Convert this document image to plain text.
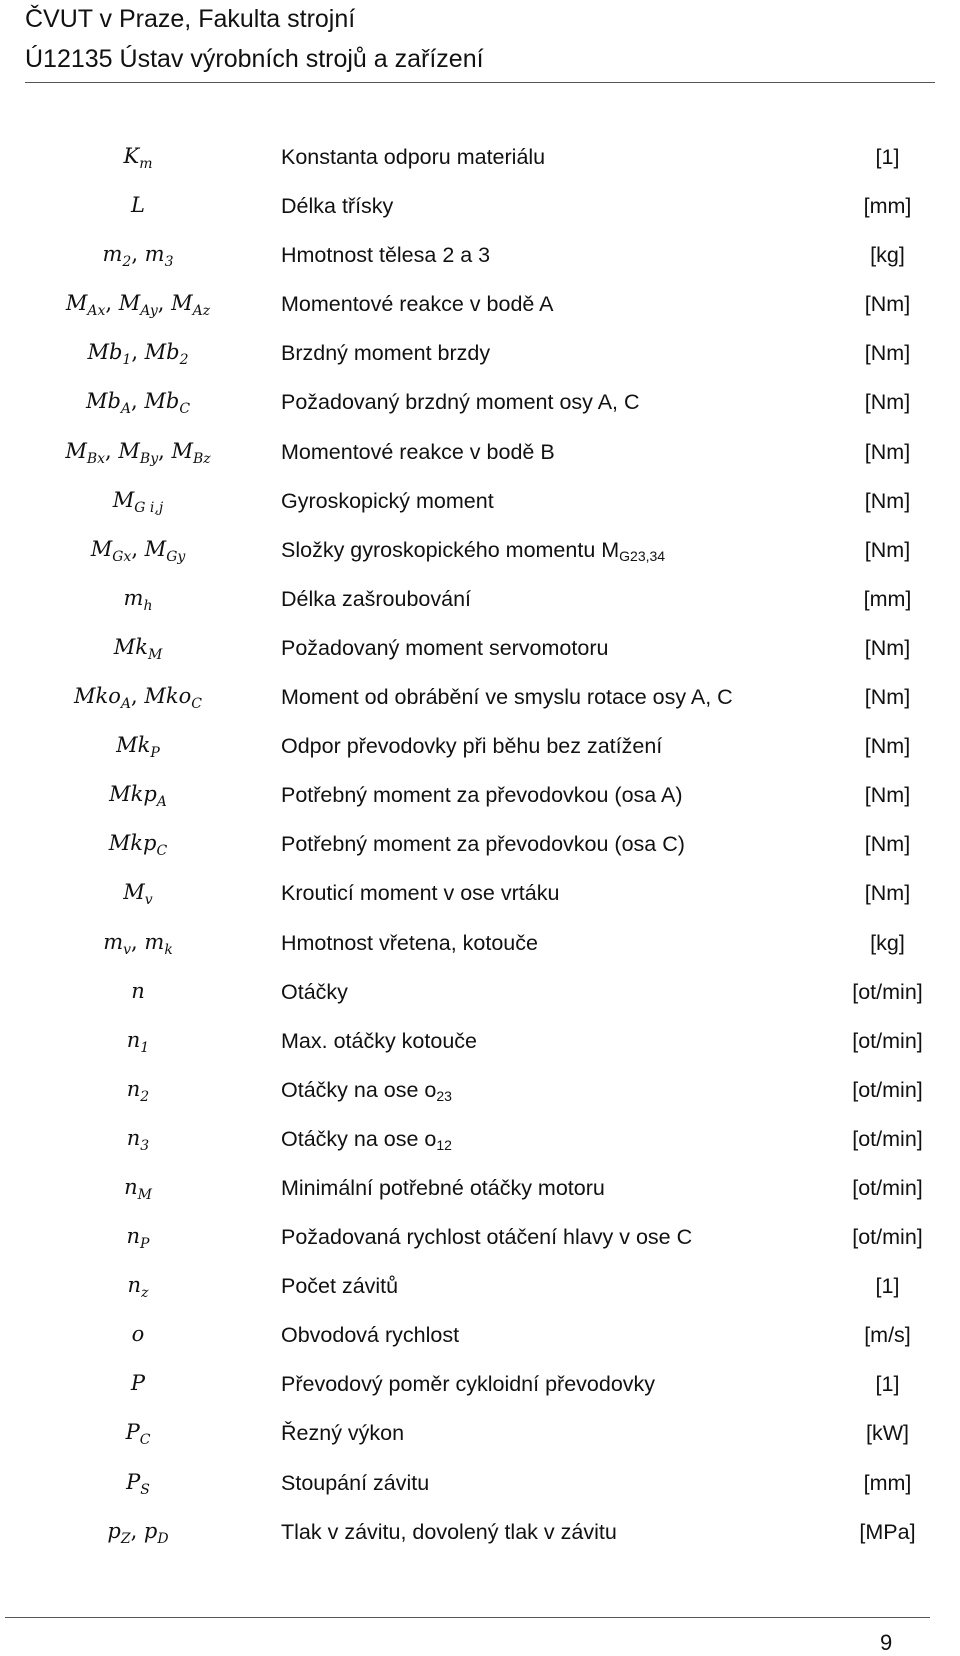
ČVUT v Praze, Fakulta strojní
Ú12135 Ústav výrobních strojů a zařízení
$K_m$	Konstanta odporu materiálu	[1]
L	Délka třísky	[mm]
$m_2$, $m_3$	Hmotnost tělesa 2 a 3	[kg]
$M_{Ax}$, $M_{Ay}$, $M_{Az}$	Momentové reakce v bodě A	[Nm]
$Mb_1$, $Mb_2$	Brzdný moment brzdy	[Nm]
$Mb_A$, $Mb_C$	Požadovaný brzdný moment osy A, C	[Nm]
$M_{Bx}$, $M_{By}$, $M_{Bz}$	Momentové reakce v bodě B	[Nm]
$M_{G i,j}$	Gyroskopický moment	[Nm]
$M_{Gx}$, $M_{Gy}$	Složky gyroskopického momentu $M_{G23,34}$	[Nm]
$m_h$	Délka zašroubování	[mm]
$Mk_M$	Požadovaný moment servomotoru	[Nm]
Mko$_A$, Mko$_C$	Moment od obrábění ve smyslu rotace osy A, C	[Nm]
$Mk_P$	Odpor převodovky při běhu bez zatížení	[Nm]
Mkp$_A$	Potřebný moment za převodovkou (osa A)	[Nm]
Mkp$_C$	Potřebný moment za převodovkou (osa C)	[Nm]
$M_v$	Krouticí moment v ose vrtáku	[Nm]
$m_v$, $m_k$	Hmotnost vřetena, kotouče	[kg]
n	Otáčky	[ot/min]
$n_1$	Max. otáčky kotouče	[ot/min]
$n_2$	Otáčky na ose $o_{23}$	[ot/min]
$n_3$	Otáčky na ose $o_{12}$	[ot/min]
$n_M$	Minimální potřebné otáčky motoru	[ot/min]
$n_P$	Požadovaná rychlost otáčení hlavy v ose C	[ot/min]
$n_z$	Počet závitů	[1]
o	Obvodová rychlost	[m/s]
P	Převodový poměr cykloidní převodovky	[1]
$P_C$	Řezný výkon	[kW]
$P_S$	Stoupání závitu	[mm]
$p_Z$, $p_D$	Tlak v závitu, dovolený tlak v závitu	[MPa]
9
